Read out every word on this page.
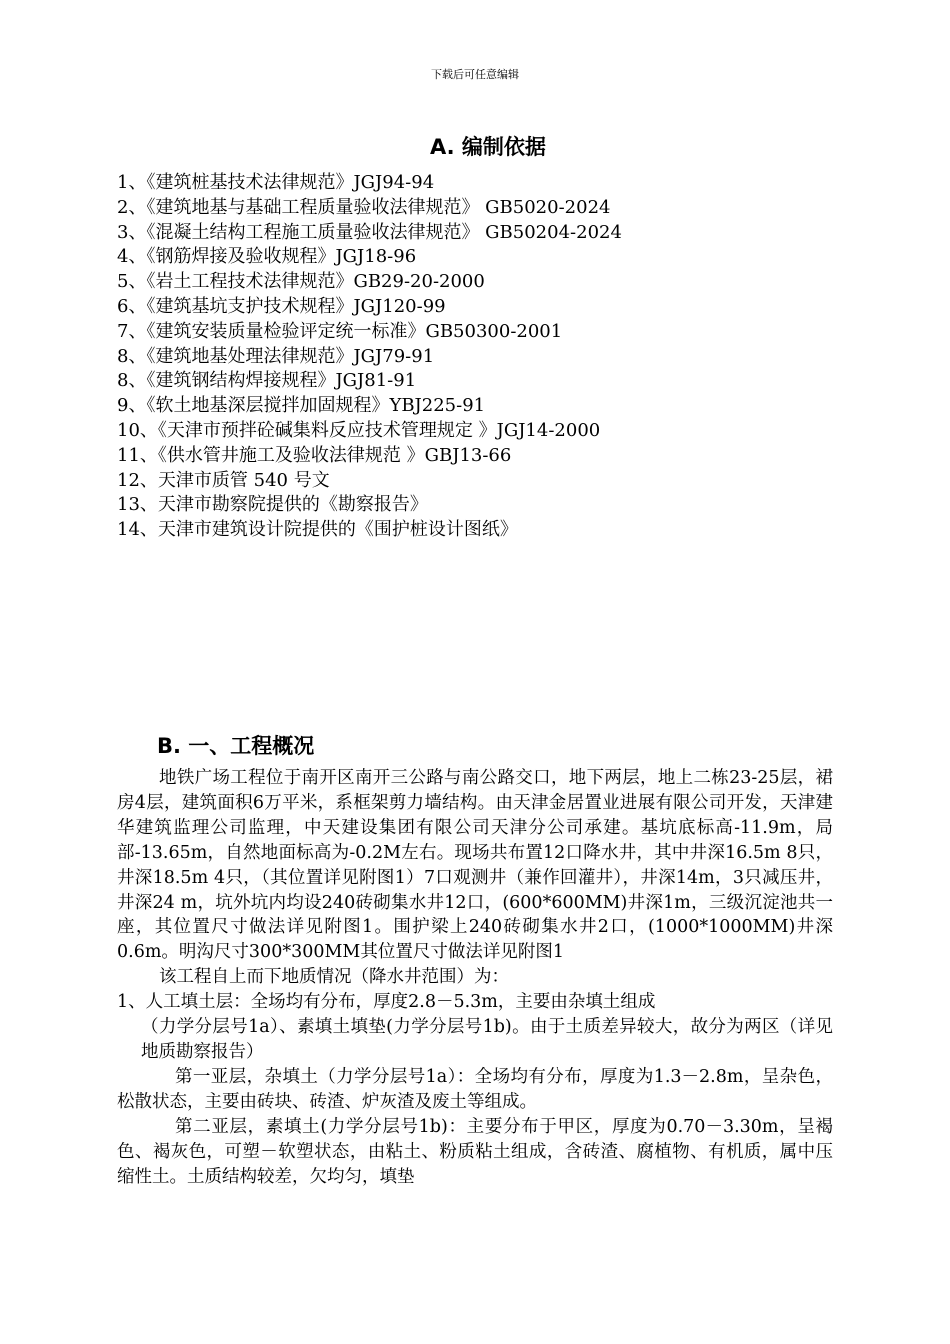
下载后可任意编辑
A. 编制依据
1、《建筑桩基技术法律规范》JGJ94-94
2、《建筑地基与基础工程质量验收法律规范》 GB5020-2024
3、《混凝土结构工程施工质量验收法律规范》 GB50204-2024
4、《钢筋焊接及验收规程》JGJ18-96
5、《岩土工程技术法律规范》GB29-20-2000
6、《建筑基坑支护技术规程》JGJ120-99
7、《建筑安装质量检验评定统一标准》GB50300-2001
8、《建筑地基处理法律规范》JGJ79-91
8、《建筑钢结构焊接规程》JGJ81-91
9、《软土地基深层搅拌加固规程》YBJ225-91
10、《天津市预拌砼碱集料反应技术管理规定 》JGJ14-2000
11、《供水管井施工及验收法律规范 》GBJ13-66
12、天津市质管 540 号文
13、天津市勘察院提供的《勘察报告》
14、天津市建筑设计院提供的《围护桩设计图纸》
B. 一、工程概况

地铁广场工程位于南开区南开三公路与南公路交口，地下两层，地上二栋23-25层，裙房4层，建筑面积6万平米，系框架剪力墙结构。由天津金居置业进展有限公司开发，天津建华建筑监理公司监理，中天建设集团有限公司天津分公司承建。基坑底标高-11.9m，局部-13.65m，自然地面标高为-0.2M左右。现场共布置12口降水井，其中井深16.5m 8只，井深18.5m 4只，（其位置详见附图1）7口观测井（兼作回灌井），井深14m，3只减压井，井深24 m，坑外坑内均设240砖砌集水井12口，(600*600MM)井深1m，三级沉淀池共一座，其位置尺寸做法详见附图1。围护梁上240砖砌集水井2口，(1000*1000MM)井深0.6m。明沟尺寸300*300MM其位置尺寸做法详见附图1

该工程自上而下地质情况（降水井范围）为：

1、人工填土层：全场均有分布，厚度2.8－5.3m，主要由杂填土组成

（力学分层号1a）、素填土填垫(力学分层号1b)。由于土质差异较大，故分为两区（详见地质勘察报告）

第一亚层，杂填土（力学分层号1a）：全场均有分布，厚度为1.3－2.8m，呈杂色，松散状态，主要由砖块、砖渣、炉灰渣及废土等组成。

第二亚层，素填土(力学分层号1b)：主要分布于甲区，厚度为0.70－3.30m，呈褐色、褐灰色，可塑－软塑状态，由粘土、粉质粘土组成，含砖渣、腐植物、有机质，属中压缩性土。土质结构较差，欠均匀，填垫
